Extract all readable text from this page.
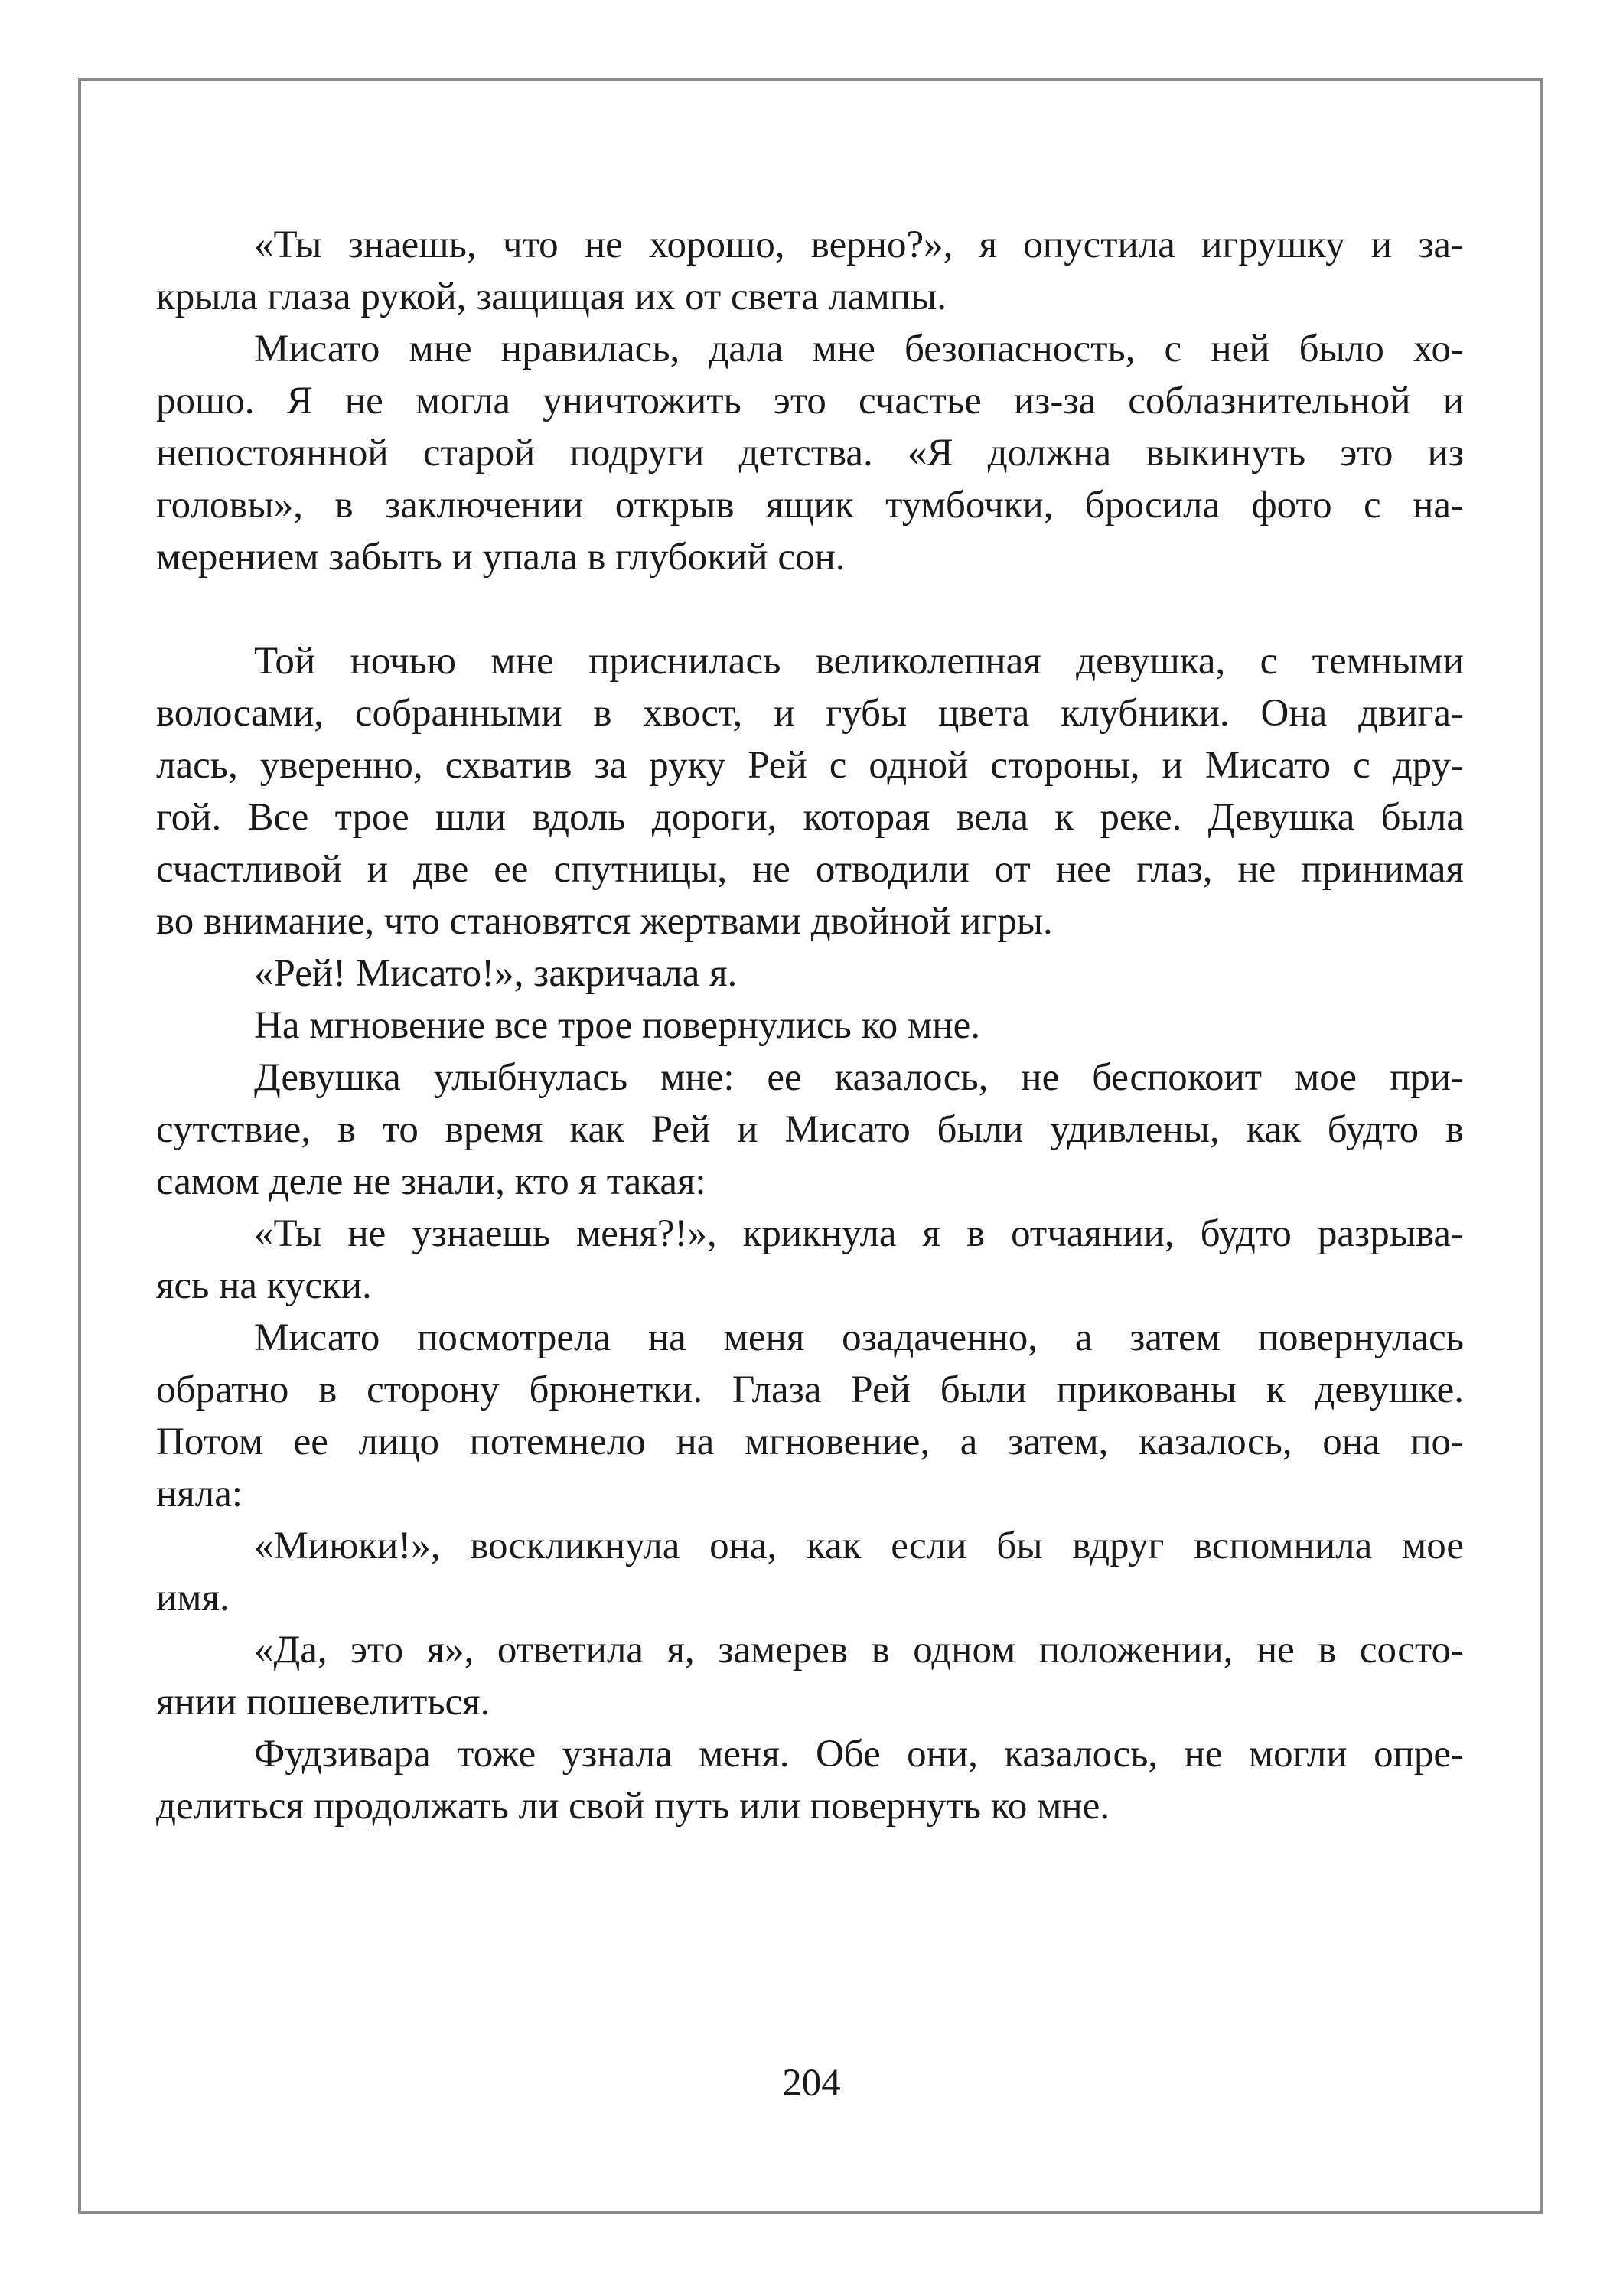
«Ты знаешь, что не хорошо, верно?», я опустила игрушку и за-
крыла глаза рукой, защищая их от света лампы.
Мисато мне нравилась, дала мне безопасность, с ней было хо-
рошо. Я не могла уничтожить это счастье из-за соблазнительной и
непостоянной старой подруги детства. «Я должна выкинуть это из
головы», в заключении открыв ящик тумбочки, бросила фото с на-
мерением забыть и упала в глубокий сон.
Той ночью мне приснилась великолепная девушка, с темными
волосами, собранными в хвост, и губы цвета клубники. Она двига-
лась, уверенно, схватив за руку Рей с одной стороны, и Мисато с дру-
гой. Все трое шли вдоль дороги, которая вела к реке. Девушка была
счастливой и две ее спутницы, не отводили от нее глаз, не принимая
во внимание, что становятся жертвами двойной игры.
«Рей! Мисато!», закричала я.
На мгновение все трое повернулись ко мне.
Девушка улыбнулась мне: ее казалось, не беспокоит мое при-
сутствие, в то время как Рей и Мисато были удивлены, как будто в
самом деле не знали, кто я такая:
«Ты не узнаешь меня?!», крикнула я в отчаянии, будто разрыва-
ясь на куски.
Мисато посмотрела на меня озадаченно, а затем повернулась
обратно в сторону брюнетки. Глаза Рей были прикованы к девушке.
Потом ее лицо потемнело на мгновение, а затем, казалось, она по-
няла:
«Миюки!», воскликнула она, как если бы вдруг вспомнила мое
имя.
«Да, это я», ответила я, замерев в одном положении, не в состо-
янии пошевелиться.
Фудзивара тоже узнала меня. Обе они, казалось, не могли опре-
делиться продолжать ли свой путь или повернуть ко мне.
204
